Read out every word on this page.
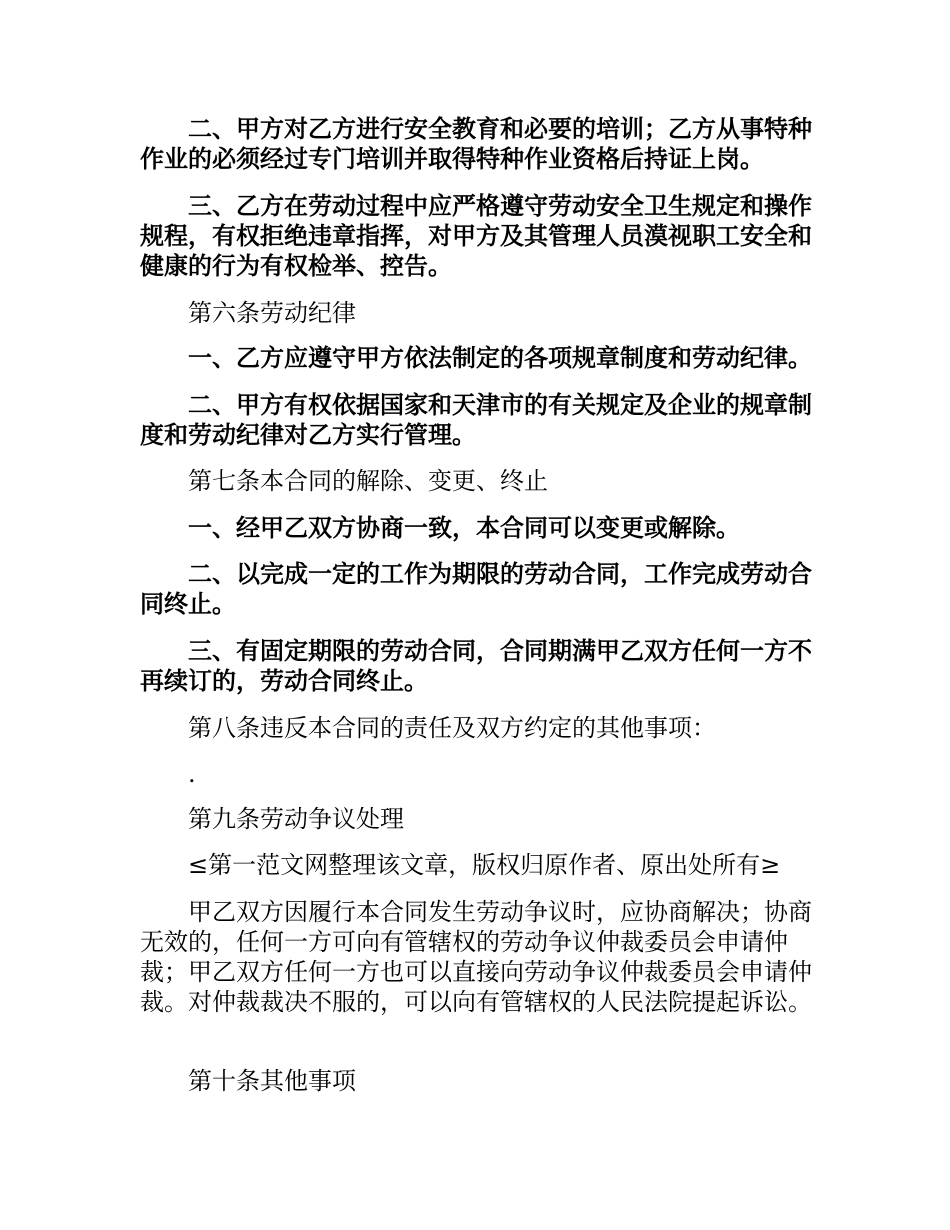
二、甲方对乙方进行安全教育和必要的培训；乙方从事特种作业的必须经过专门培训并取得特种作业资格后持证上岗。

三、乙方在劳动过程中应严格遵守劳动安全卫生规定和操作规程，有权拒绝违章指挥，对甲方及其管理人员漠视职工安全和健康的行为有权检举、控告。

第六条劳动纪律

一、乙方应遵守甲方依法制定的各项规章制度和劳动纪律。

二、甲方有权依据国家和天津市的有关规定及企业的规章制度和劳动纪律对乙方实行管理。

第七条本合同的解除、变更、终止

一、经甲乙双方协商一致，本合同可以变更或解除。

二、以完成一定的工作为期限的劳动合同，工作完成劳动合同终止。

三、有固定期限的劳动合同，合同期满甲乙双方任何一方不再续订的，劳动合同终止。

第八条违反本合同的责任及双方约定的其他事项：

.

第九条劳动争议处理

≤第一范文网整理该文章，版权归原作者、原出处所有≥

甲乙双方因履行本合同发生劳动争议时，应协商解决；协商无效的，任何一方可向有管辖权的劳动争议仲裁委员会申请仲裁；甲乙双方任何一方也可以直接向劳动争议仲裁委员会申请仲裁。对仲裁裁决不服的，可以向有管辖权的人民法院提起诉讼。

第十条其他事项
